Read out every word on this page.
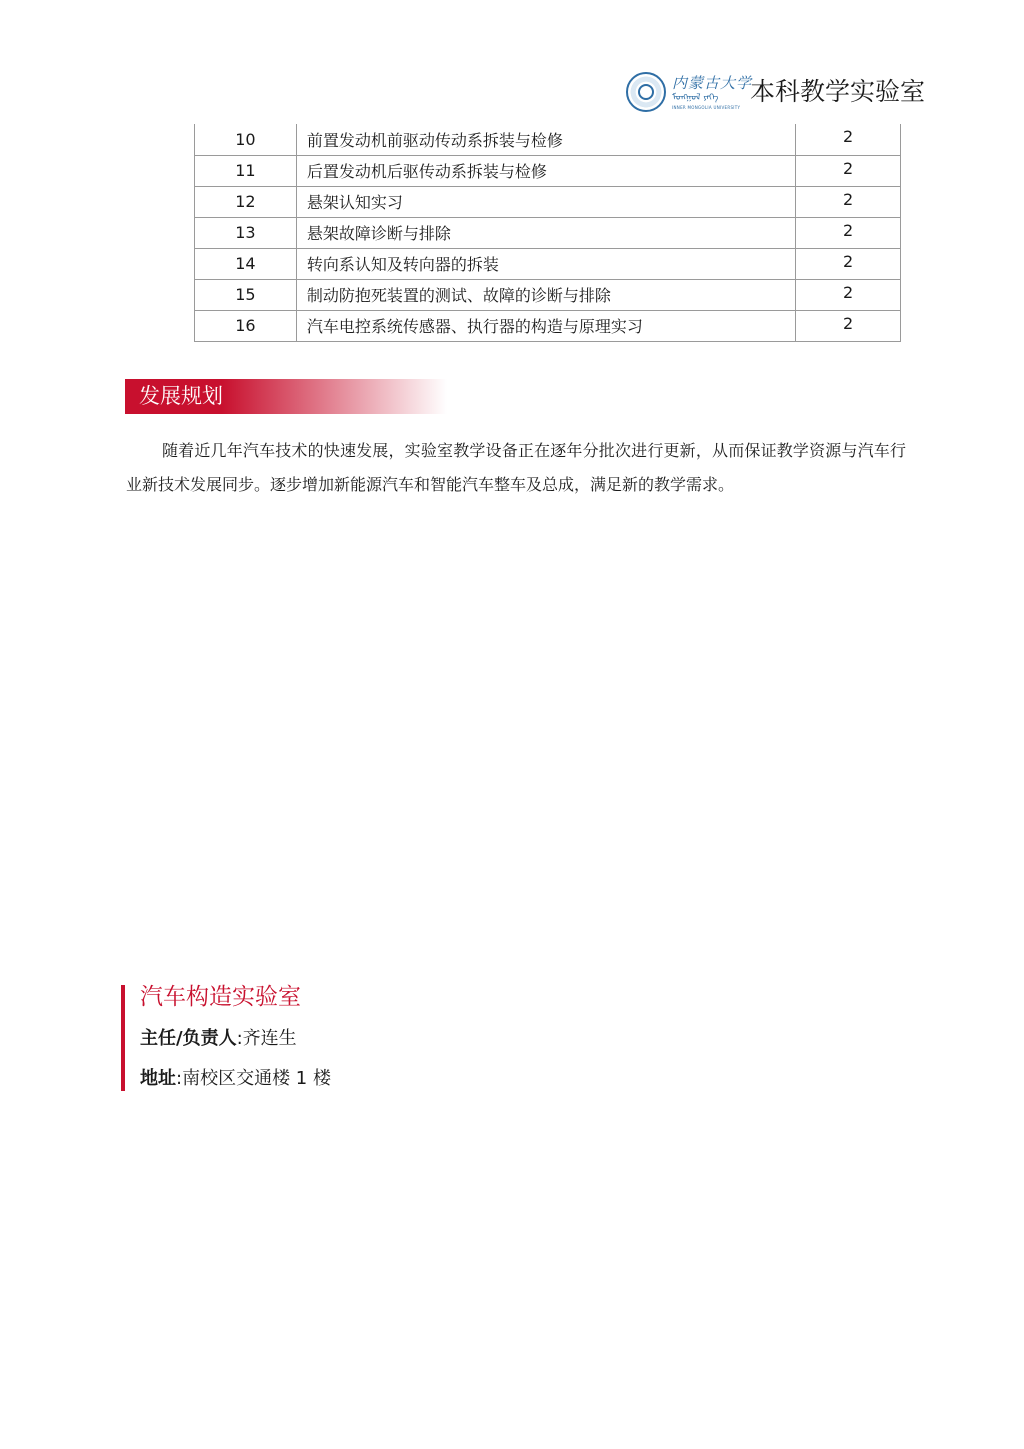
内蒙古大学
ᠮᠣᠩᠭᠣᠯ ᠶᠡᠬᠡ
INNER MONGOLIA UNIVERSITY
本科教学实验室
10	前置发动机前驱动传动系拆装与检修	2
11	后置发动机后驱传动系拆装与检修	2
12	悬架认知实习	2
13	悬架故障诊断与排除	2
14	转向系认知及转向器的拆装	2
15	制动防抱死装置的测试、故障的诊断与排除	2
16	汽车电控系统传感器、执行器的构造与原理实习	2
发展规划
随着近几年汽车技术的快速发展，实验室教学设备正在逐年分批次进行更新，从而保证教学资源与汽车行业新技术发展同步。逐步增加新能源汽车和智能汽车整车及总成，满足新的教学需求。
汽车构造实验室
主任/负责人:齐连生
地址:南校区交通楼 1 楼
